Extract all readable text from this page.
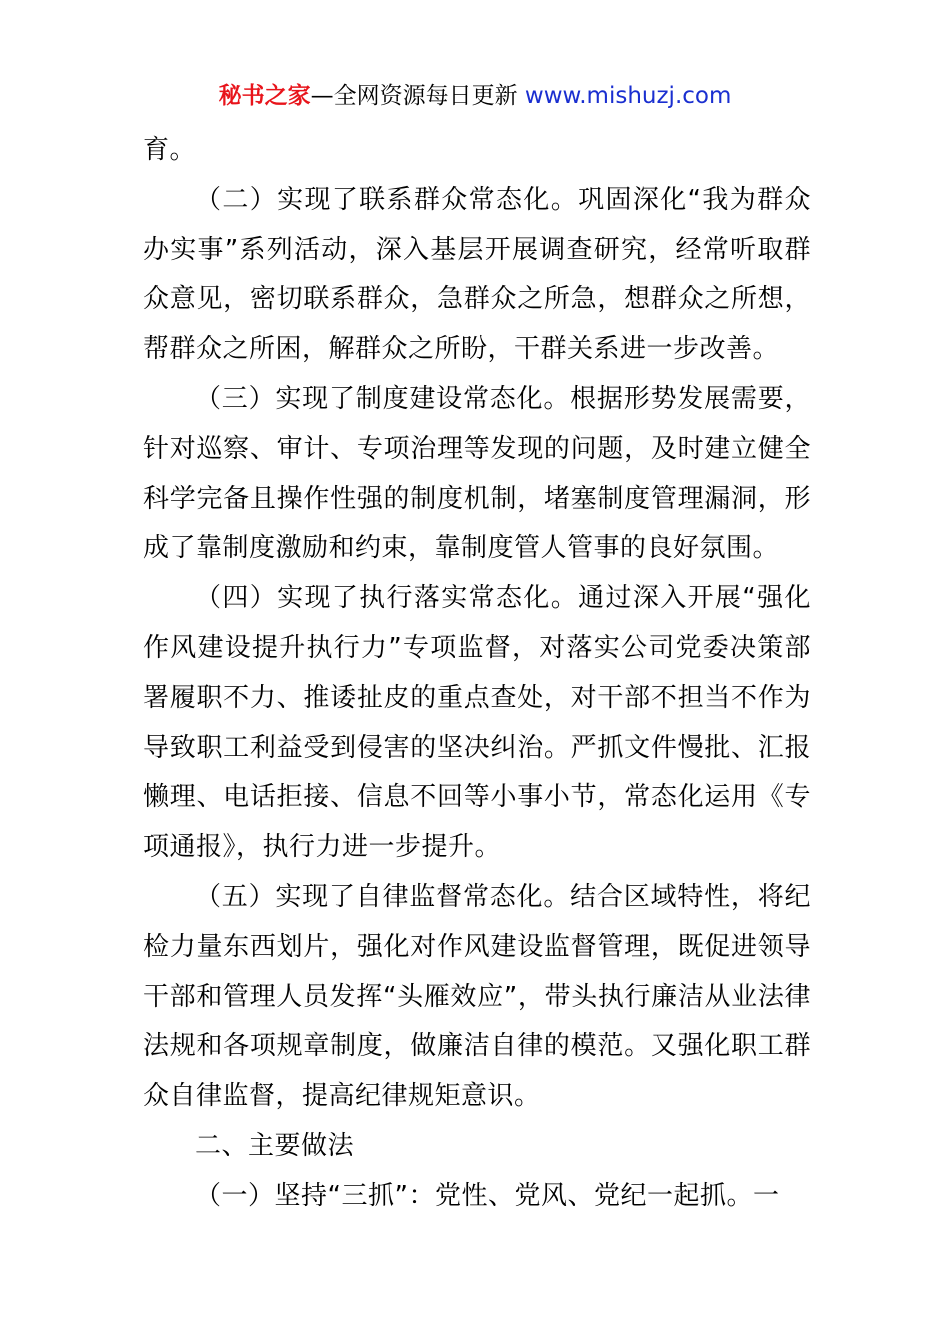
秘书之家—全网资源每日更新 www.mishuzj.com

育。

（二）实现了联系群众常态化。巩固深化“我为群众办实事”系列活动，深入基层开展调查研究，经常听取群众意见，密切联系群众，急群众之所急，想群众之所想，帮群众之所困，解群众之所盼，干群关系进一步改善。

（三）实现了制度建设常态化。根据形势发展需要，针对巡察、审计、专项治理等发现的问题，及时建立健全科学完备且操作性强的制度机制，堵塞制度管理漏洞，形成了靠制度激励和约束，靠制度管人管事的良好氛围。

（四）实现了执行落实常态化。通过深入开展“强化作风建设提升执行力”专项监督，对落实公司党委决策部署履职不力、推诿扯皮的重点查处，对干部不担当不作为导致职工利益受到侵害的坚决纠治。严抓文件慢批、汇报懒理、电话拒接、信息不回等小事小节，常态化运用《专项通报》，执行力进一步提升。

（五）实现了自律监督常态化。结合区域特性，将纪检力量东西划片，强化对作风建设监督管理，既促进领导干部和管理人员发挥“头雁效应”，带头执行廉洁从业法律法规和各项规章制度，做廉洁自律的模范。又强化职工群众自律监督，提高纪律规矩意识。

二、主要做法

（一）坚持“三抓”：党性、党风、党纪一起抓。一
